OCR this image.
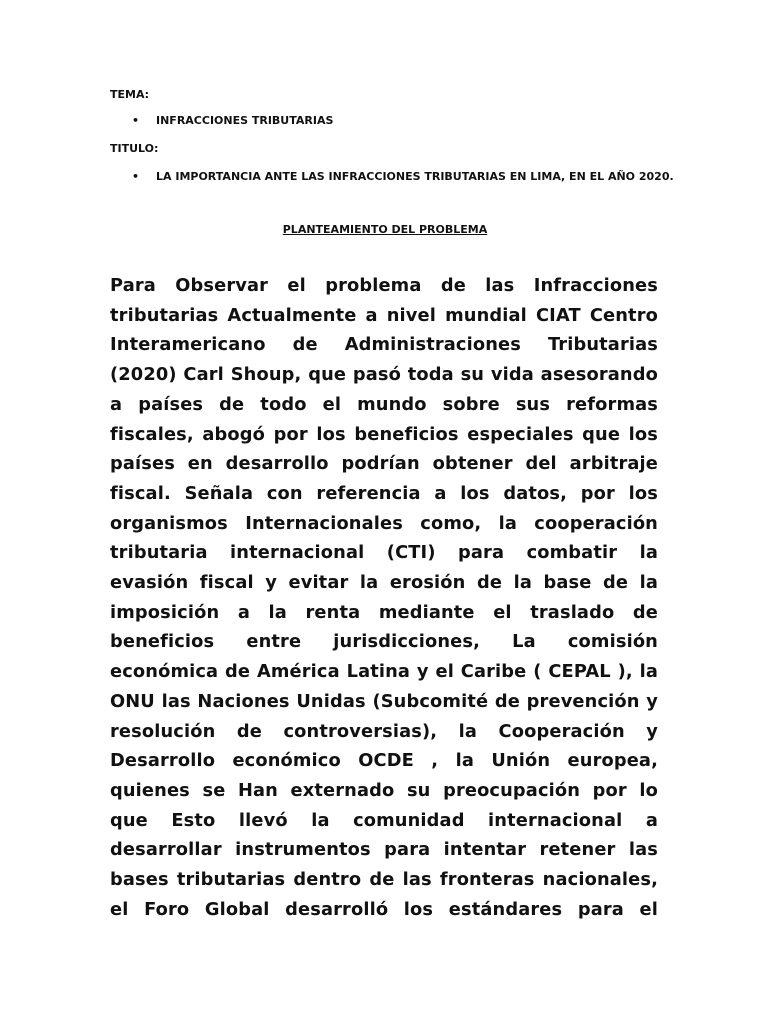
TEMA:
• INFRACCIONES TRIBUTARIAS
TITULO:
• LA IMPORTANCIA ANTE LAS INFRACCIONES TRIBUTARIAS EN LIMA, EN EL AÑO 2020.
PLANTEAMIENTO DEL PROBLEMA

Para Observar el problema de las Infracciones tributarias Actualmente a nivel mundial CIAT Centro Interamericano de Administraciones Tributarias (2020) Carl Shoup, que pasó toda su vida asesorando a países de todo el mundo sobre sus reformas fiscales, abogó por los beneficios especiales que los países en desarrollo podrían obtener del arbitraje fiscal. Señala con referencia a los datos, por los organismos Internacionales como, la cooperación tributaria internacional (CTI) para combatir la evasión fiscal y evitar la erosión de la base de la imposición a la renta mediante el traslado de beneficios entre jurisdicciones, La comisión económica de América Latina y el Caribe ( CEPAL ), la ONU las Naciones Unidas (Subcomité de prevención y resolución de controversias), la Cooperación y Desarrollo económico OCDE , la Unión europea, quienes se Han externado su preocupación por lo que Esto llevó la comunidad internacional a desarrollar instrumentos para intentar retener las bases tributarias dentro de las fronteras nacionales, el Foro Global desarrolló los estándares para el
